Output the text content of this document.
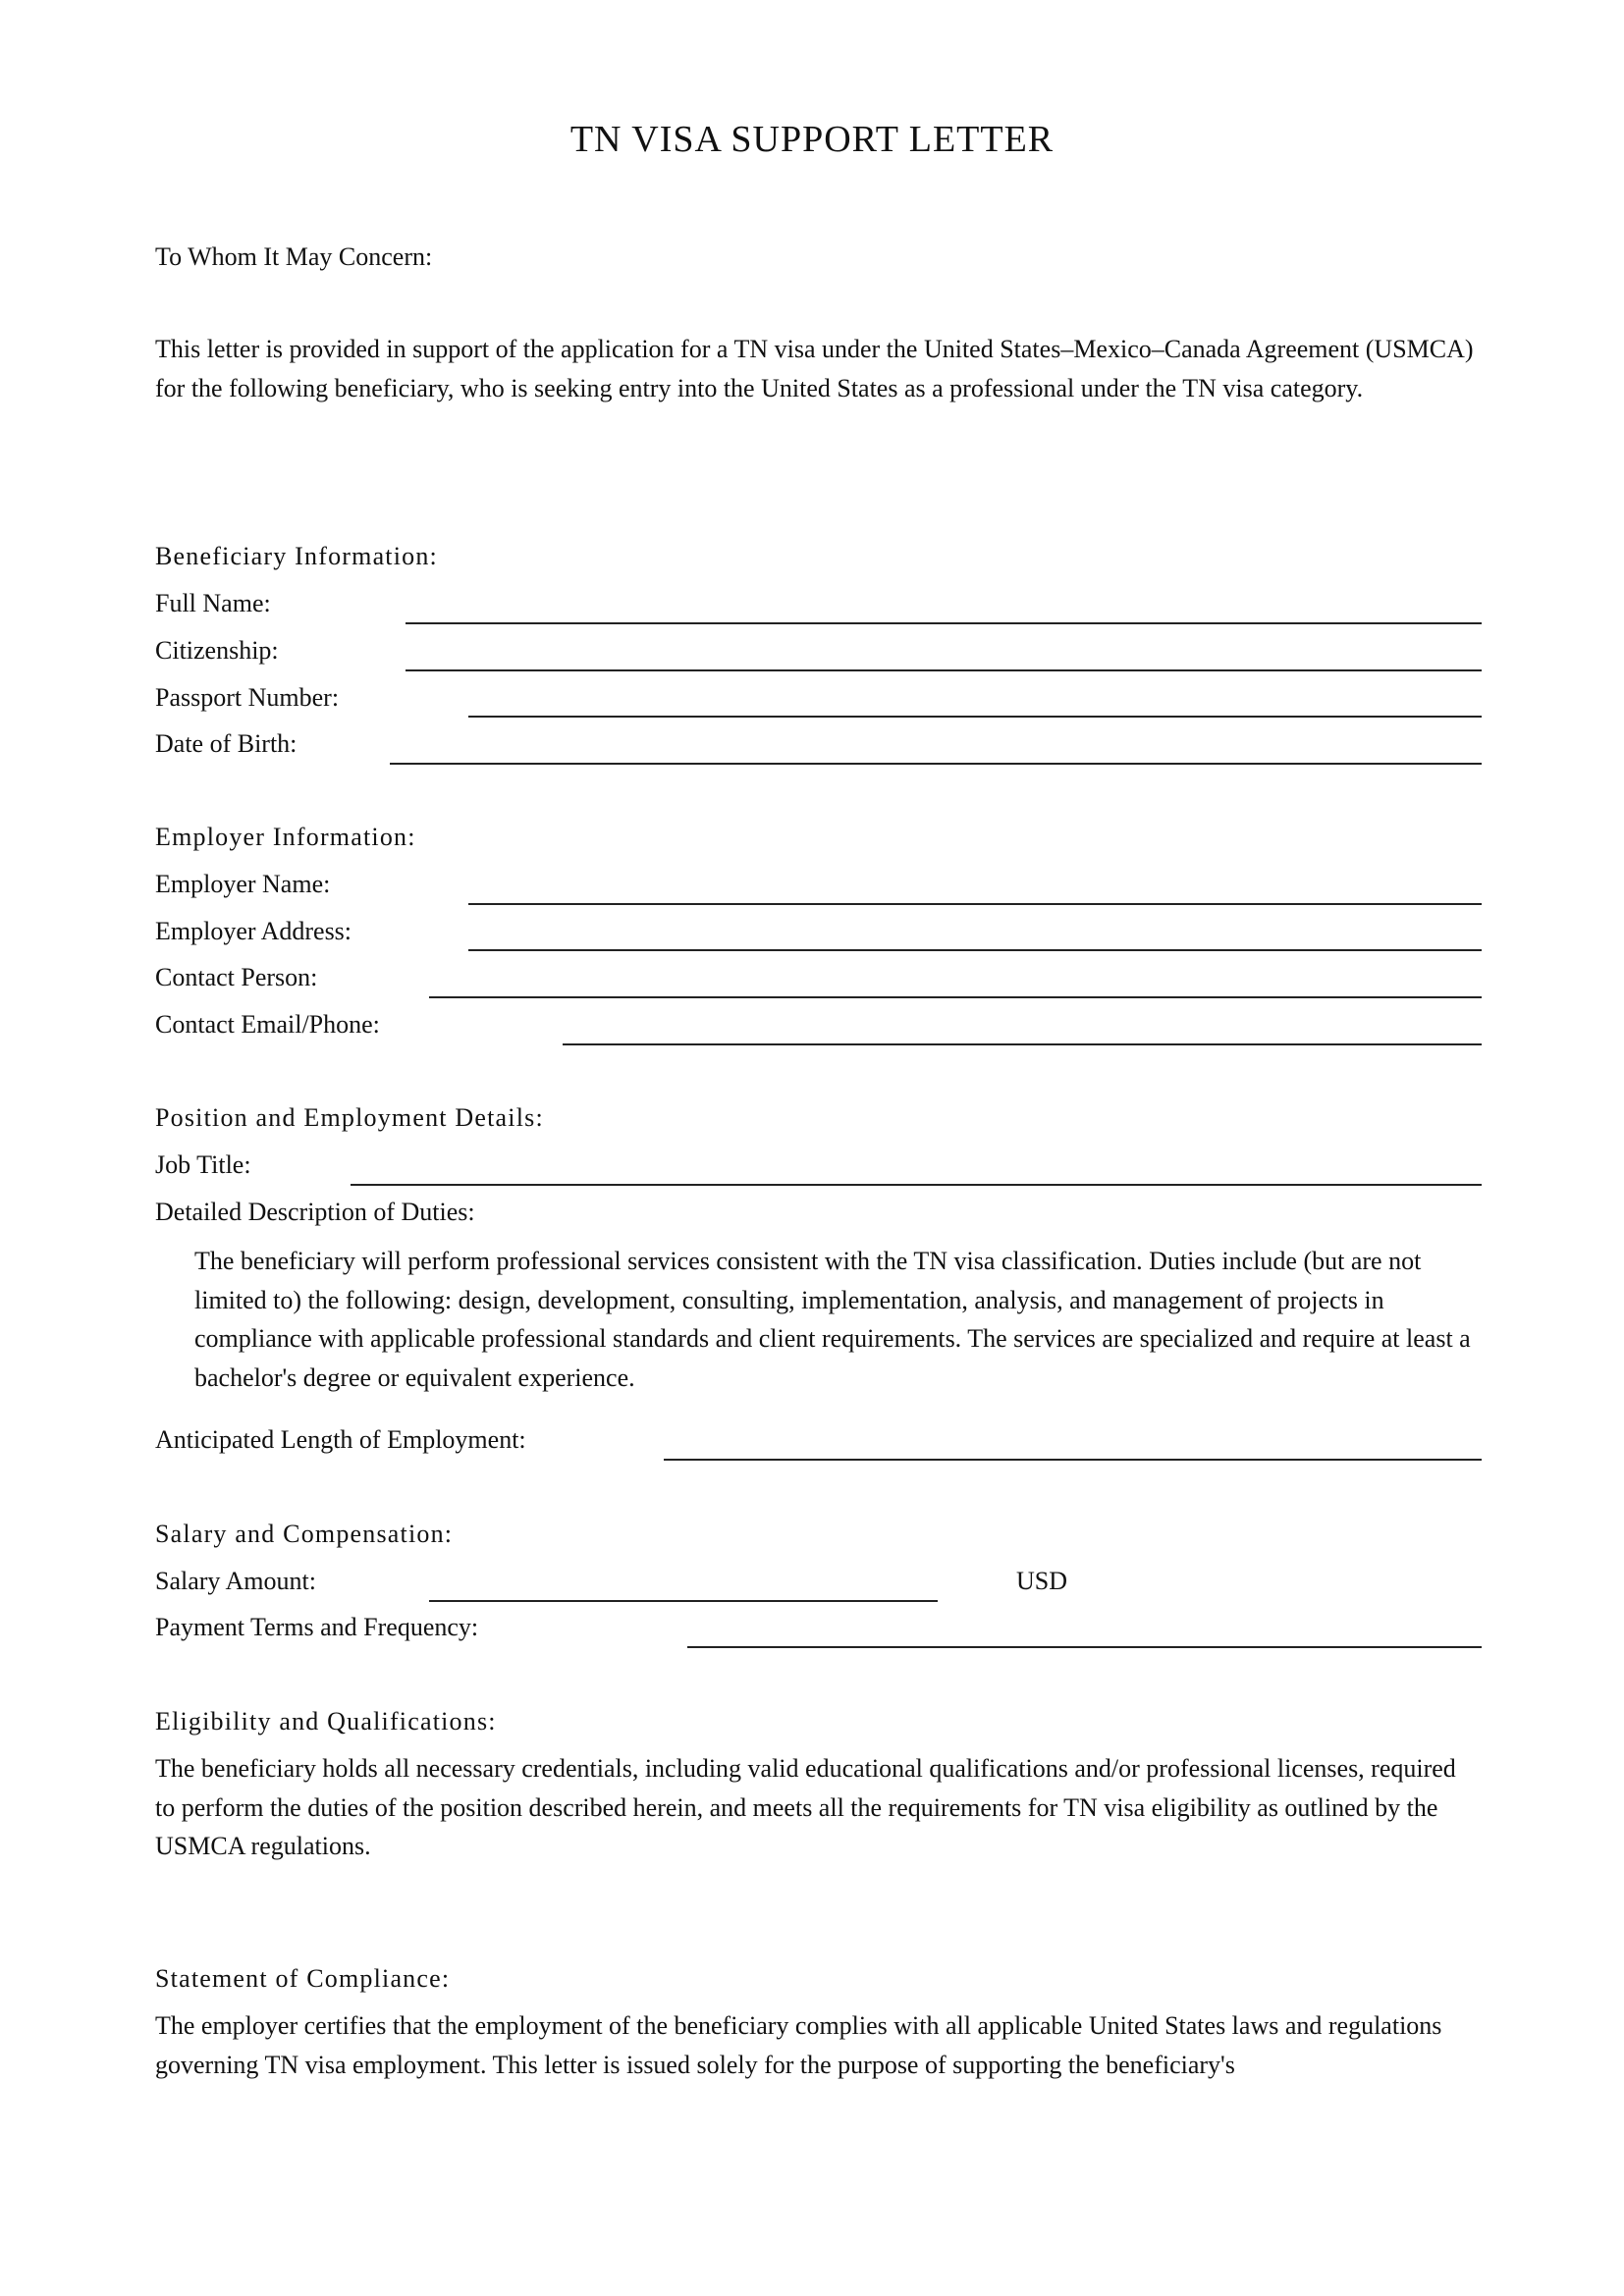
TN VISA SUPPORT LETTER
To Whom It May Concern:
This letter is provided in support of the application for a TN visa under the United States–Mexico–Canada Agreement (USMCA) for the following beneficiary, who is seeking entry into the United States as a professional under the TN visa category.
Beneficiary Information:
Full Name:
Citizenship:
Passport Number:
Date of Birth:
Employer Information:
Employer Name:
Employer Address:
Contact Person:
Contact Email/Phone:
Position and Employment Details:
Job Title:
Detailed Description of Duties:
The beneficiary will perform professional services consistent with the TN visa classification. Duties include (but are not limited to) the following: design, development, consulting, implementation, analysis, and management of projects in compliance with applicable professional standards and client requirements. The services are specialized and require at least a bachelor's degree or equivalent experience.
Anticipated Length of Employment:
Salary and Compensation:
Salary Amount:	USD
Payment Terms and Frequency:
Eligibility and Qualifications:
The beneficiary holds all necessary credentials, including valid educational qualifications and/or professional licenses, required to perform the duties of the position described herein, and meets all the requirements for TN visa eligibility as outlined by the USMCA regulations.
Statement of Compliance:
The employer certifies that the employment of the beneficiary complies with all applicable United States laws and regulations governing TN visa employment. This letter is issued solely for the purpose of supporting the beneficiary's
